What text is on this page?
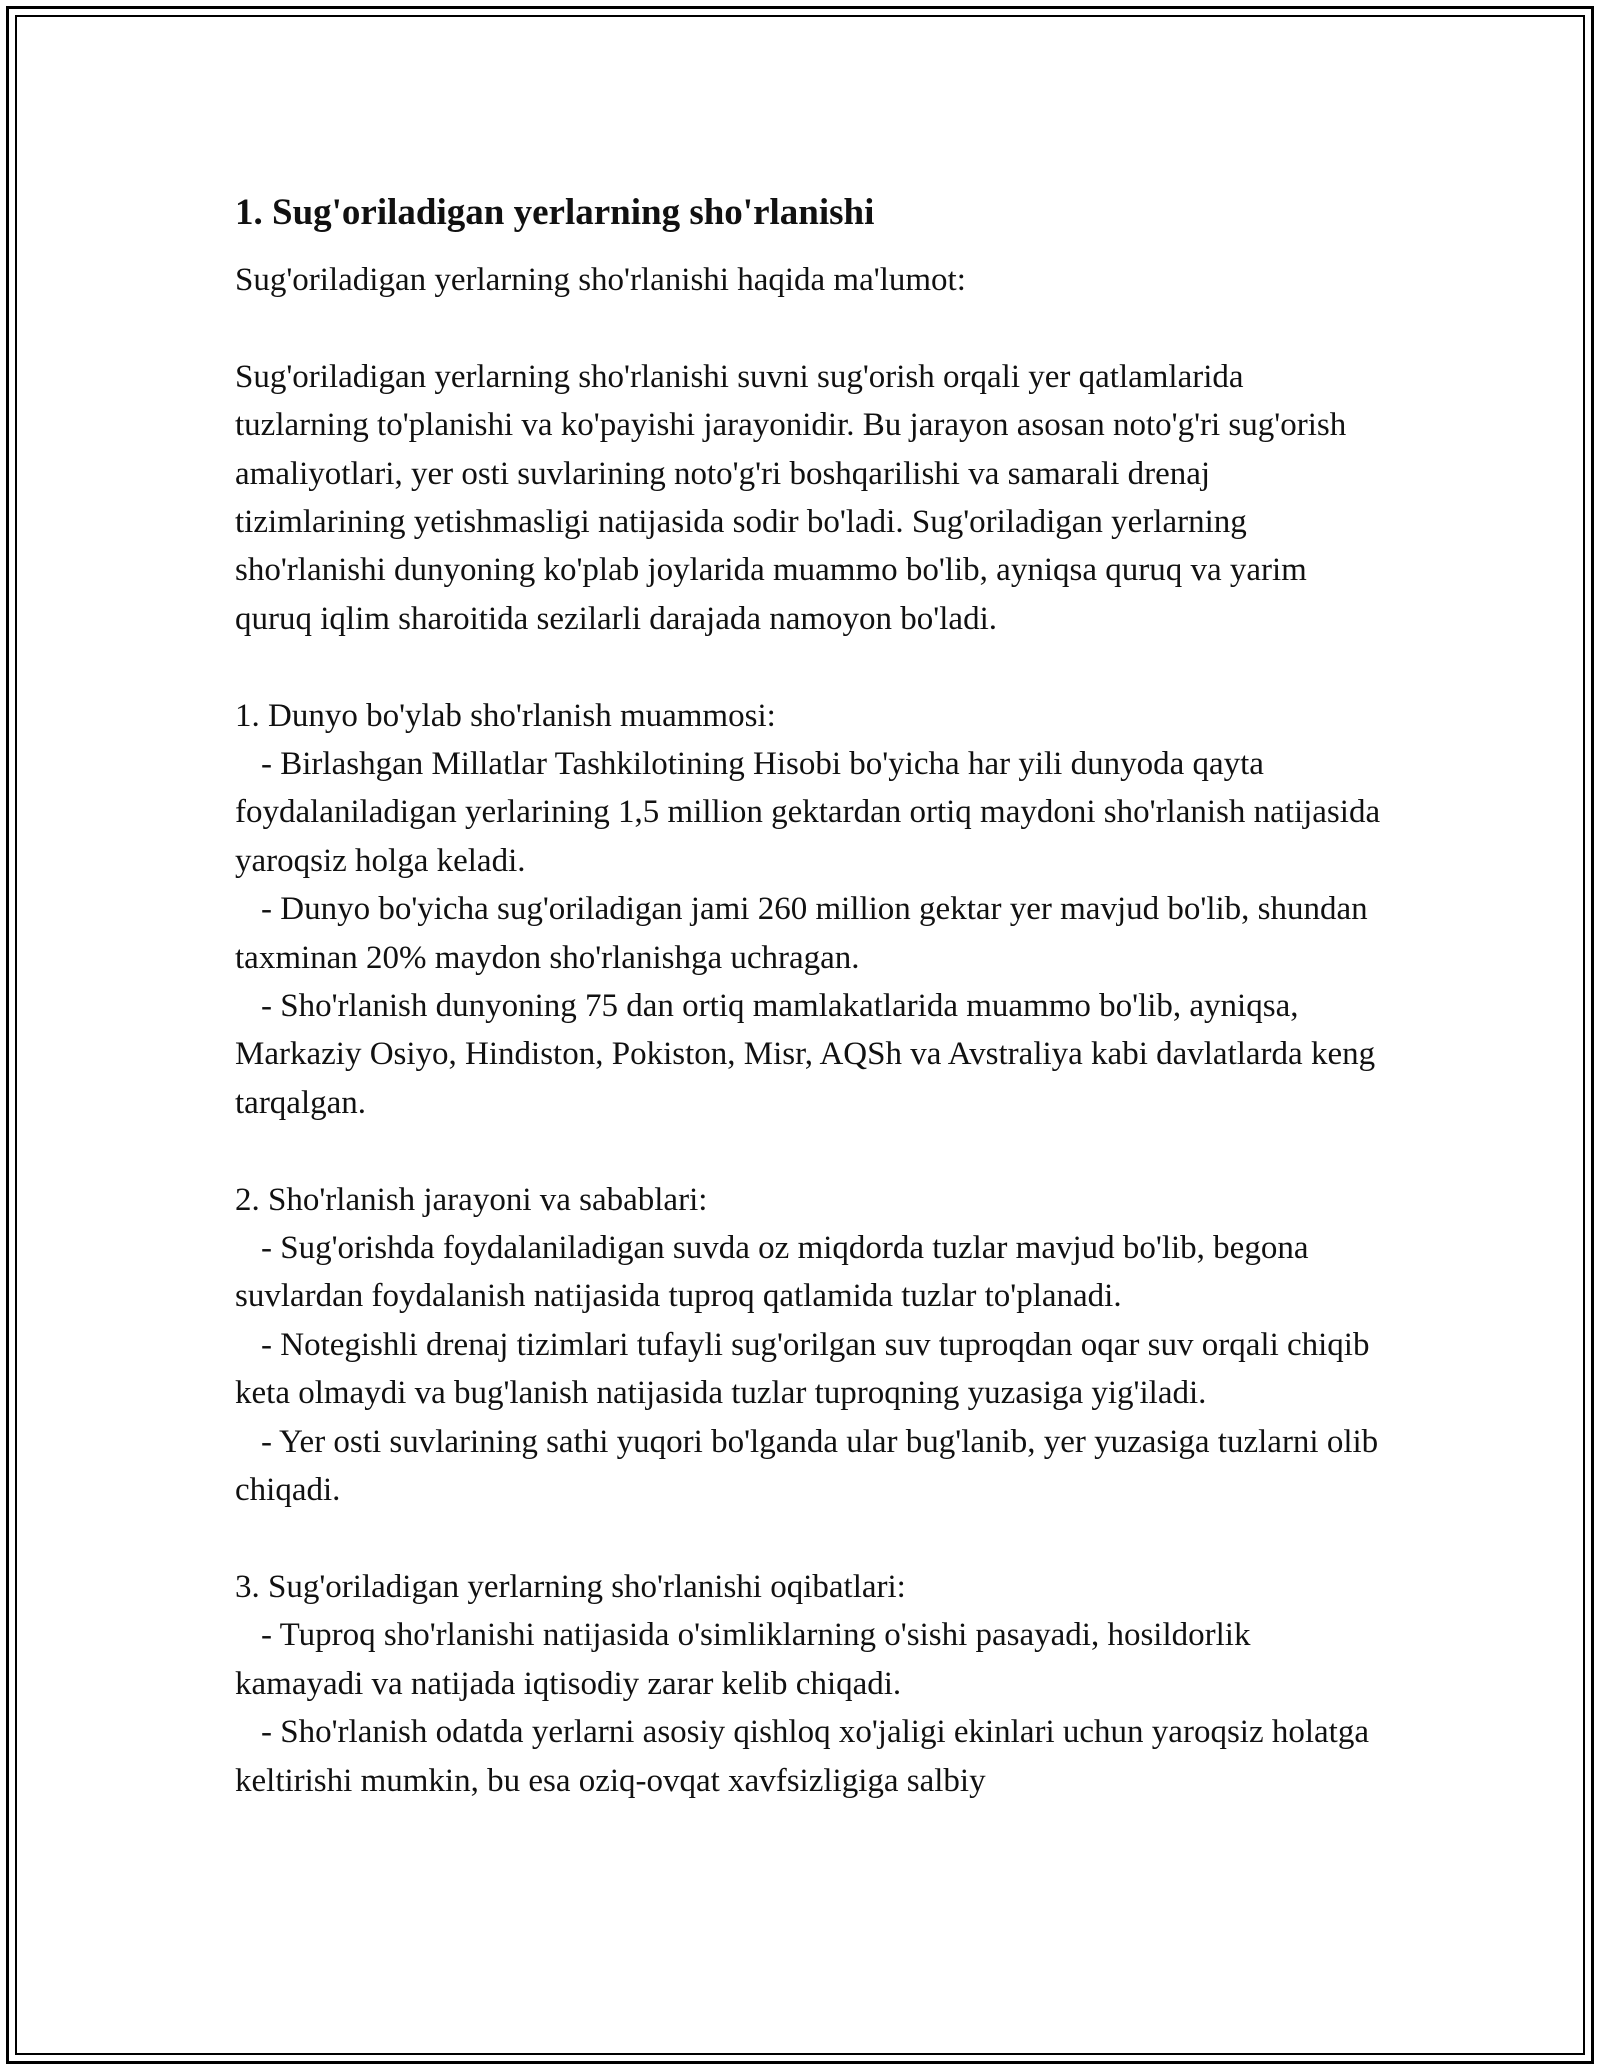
1. Sug'oriladigan yerlarning sho'rlanishi

Sug'oriladigan yerlarning sho'rlanishi haqida ma'lumot:

Sug'oriladigan yerlarning sho'rlanishi suvni sug'orish orqali yer qatlamlarida tuzlarning to'planishi va ko'payishi jarayonidir. Bu jarayon asosan noto'g'ri sug'orish amaliyotlari, yer osti suvlarining noto'g'ri boshqarilishi va samarali drenaj tizimlarining yetishmasligi natijasida sodir bo'ladi. Sug'oriladigan yerlarning sho'rlanishi dunyoning ko'plab joylarida muammo bo'lib, ayniqsa quruq va yarim quruq iqlim sharoitida sezilarli darajada namoyon bo'ladi.

1. Dunyo bo'ylab sho'rlanish muammosi:

- Birlashgan Millatlar Tashkilotining Hisobi bo'yicha har yili dunyoda qayta foydalaniladigan yerlarining 1,5 million gektardan ortiq maydoni sho'rlanish natijasida yaroqsiz holga keladi.

- Dunyo bo'yicha sug'oriladigan jami 260 million gektar yer mavjud bo'lib, shundan taxminan 20% maydon sho'rlanishga uchragan.

- Sho'rlanish dunyoning 75 dan ortiq mamlakatlarida muammo bo'lib, ayniqsa, Markaziy Osiyo, Hindiston, Pokiston, Misr, AQSh va Avstraliya kabi davlatlarda keng tarqalgan.

2. Sho'rlanish jarayoni va sabablari:

- Sug'orishda foydalaniladigan suvda oz miqdorda tuzlar mavjud bo'lib, begona suvlardan foydalanish natijasida tuproq qatlamida tuzlar to'planadi.

- Notegishli drenaj tizimlari tufayli sug'orilgan suv tuproqdan oqar suv orqali chiqib keta olmaydi va bug'lanish natijasida tuzlar tuproqning yuzasiga yig'iladi.

- Yer osti suvlarining sathi yuqori bo'lganda ular bug'lanib, yer yuzasiga tuzlarni olib chiqadi.

3. Sug'oriladigan yerlarning sho'rlanishi oqibatlari:

- Tuproq sho'rlanishi natijasida o'simliklarning o'sishi pasayadi, hosildorlik kamayadi va natijada iqtisodiy zarar kelib chiqadi.

- Sho'rlanish odatda yerlarni asosiy qishloq xo'jaligi ekinlari uchun yaroqsiz holatga keltirishi mumkin, bu esa oziq-ovqat xavfsizligiga salbiy
